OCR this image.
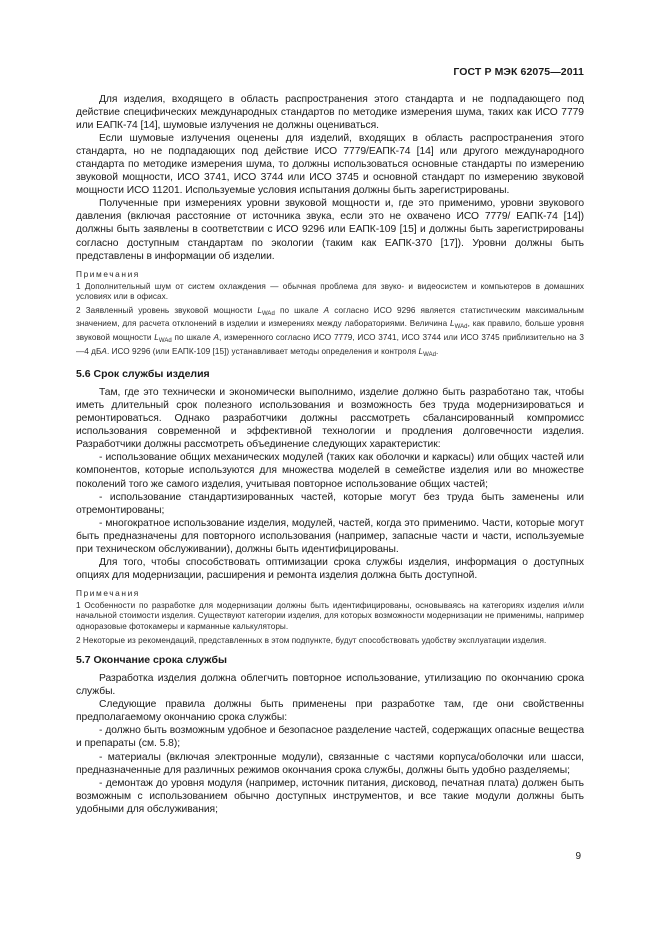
ГОСТ Р МЭК 62075—2011

Для изделия, входящего в область распространения этого стандарта и не подпадающего под действие специфических международных стандартов по методике измерения шума, таких как ИСО 7779 или ЕАПК-74 [14], шумовые излучения не должны оцениваться.

Если шумовые излучения оценены для изделий, входящих в область распространения этого стандарта, но не подпадающих под действие ИСО 7779/ЕАПК-74 [14] или другого международного стандарта по методике измерения шума, то должны использоваться основные стандарты по измерению звуковой мощности, ИСО 3741, ИСО 3744 или ИСО 3745 и основной стандарт по измерению звуковой мощности ИСО 11201. Используемые условия испытания должны быть зарегистрированы.

Полученные при измерениях уровни звуковой мощности и, где это применимо, уровни звукового давления (включая расстояние от источника звука, если это не охвачено ИСО 7779/ ЕАПК-74 [14]) должны быть заявлены в соответствии с ИСО 9296 или ЕАПК-109 [15] и должны быть зарегистрированы согласно доступным стандартам по экологии (таким как ЕАПК-370 [17]). Уровни должны быть представлены в информации об изделии.

Примечания

1 Дополнительный шум от систем охлаждения — обычная проблема для звуко- и видеосистем и компьютеров в домашних условиях или в офисах.

2 Заявленный уровень звуковой мощности $L_{WAd}$ по шкале А согласно ИСО 9296 является статистическим максимальным значением, для расчета отклонений в изделии и измерениях между лабораториями. Величина $L_{WAd}$, как правило, больше уровня звуковой мощности $L_{WAd}$ по шкале А, измеренного согласно ИСО 7779, ИСО 3741, ИСО 3744 или ИСО 3745 приблизительно на 3—4 дБА. ИСО 9296 (или ЕАПК-109 [15]) устанавливает методы определения и контроля $L_{WAd}$.

5.6 Срок службы изделия

Там, где это технически и экономически выполнимо, изделие должно быть разработано так, чтобы иметь длительный срок полезного использования и возможность без труда модернизироваться и ремонтироваться. Однако разработчики должны рассмотреть сбалансированный компромисс использования современной и эффективной технологии и продления долговечности изделия. Разработчики должны рассмотреть объединение следующих характеристик:

- использование общих механических модулей (таких как оболочки и каркасы) или общих частей или компонентов, которые используются для множества моделей в семействе изделия или во множестве поколений того же самого изделия, учитывая повторное использование общих частей;

- использование стандартизированных частей, которые могут без труда быть заменены или отремонтированы;

- многократное использование изделия, модулей, частей, когда это применимо. Части, которые могут быть предназначены для повторного использования (например, запасные части и части, используемые при техническом обслуживании), должны быть идентифицированы.

Для того, чтобы способствовать оптимизации срока службы изделия, информация о доступных опциях для модернизации, расширения и ремонта изделия должна быть доступной.

Примечания

1 Особенности по разработке для модернизации должны быть идентифицированы, основываясь на категориях изделия и/или начальной стоимости изделия. Существуют категории изделия, для которых возможности модернизации не применимы, например одноразовые фотокамеры и карманные калькуляторы.

2 Некоторые из рекомендаций, представленных в этом подпункте, будут способствовать удобству эксплуатации изделия.

5.7 Окончание срока службы

Разработка изделия должна облегчить повторное использование, утилизацию по окончанию срока службы.

Следующие правила должны быть применены при разработке там, где они свойственны предполагаемому окончанию срока службы:

- должно быть возможным удобное и безопасное разделение частей, содержащих опасные вещества и препараты (см. 5.8);

- материалы (включая электронные модули), связанные с частями корпуса/оболочки или шасси, предназначенные для различных режимов окончания срока службы, должны быть удобно разделяемы;

- демонтаж до уровня модуля (например, источник питания, дисковод, печатная плата) должен быть возможным с использованием обычно доступных инструментов, и все такие модули должны быть удобными для обслуживания;

9
